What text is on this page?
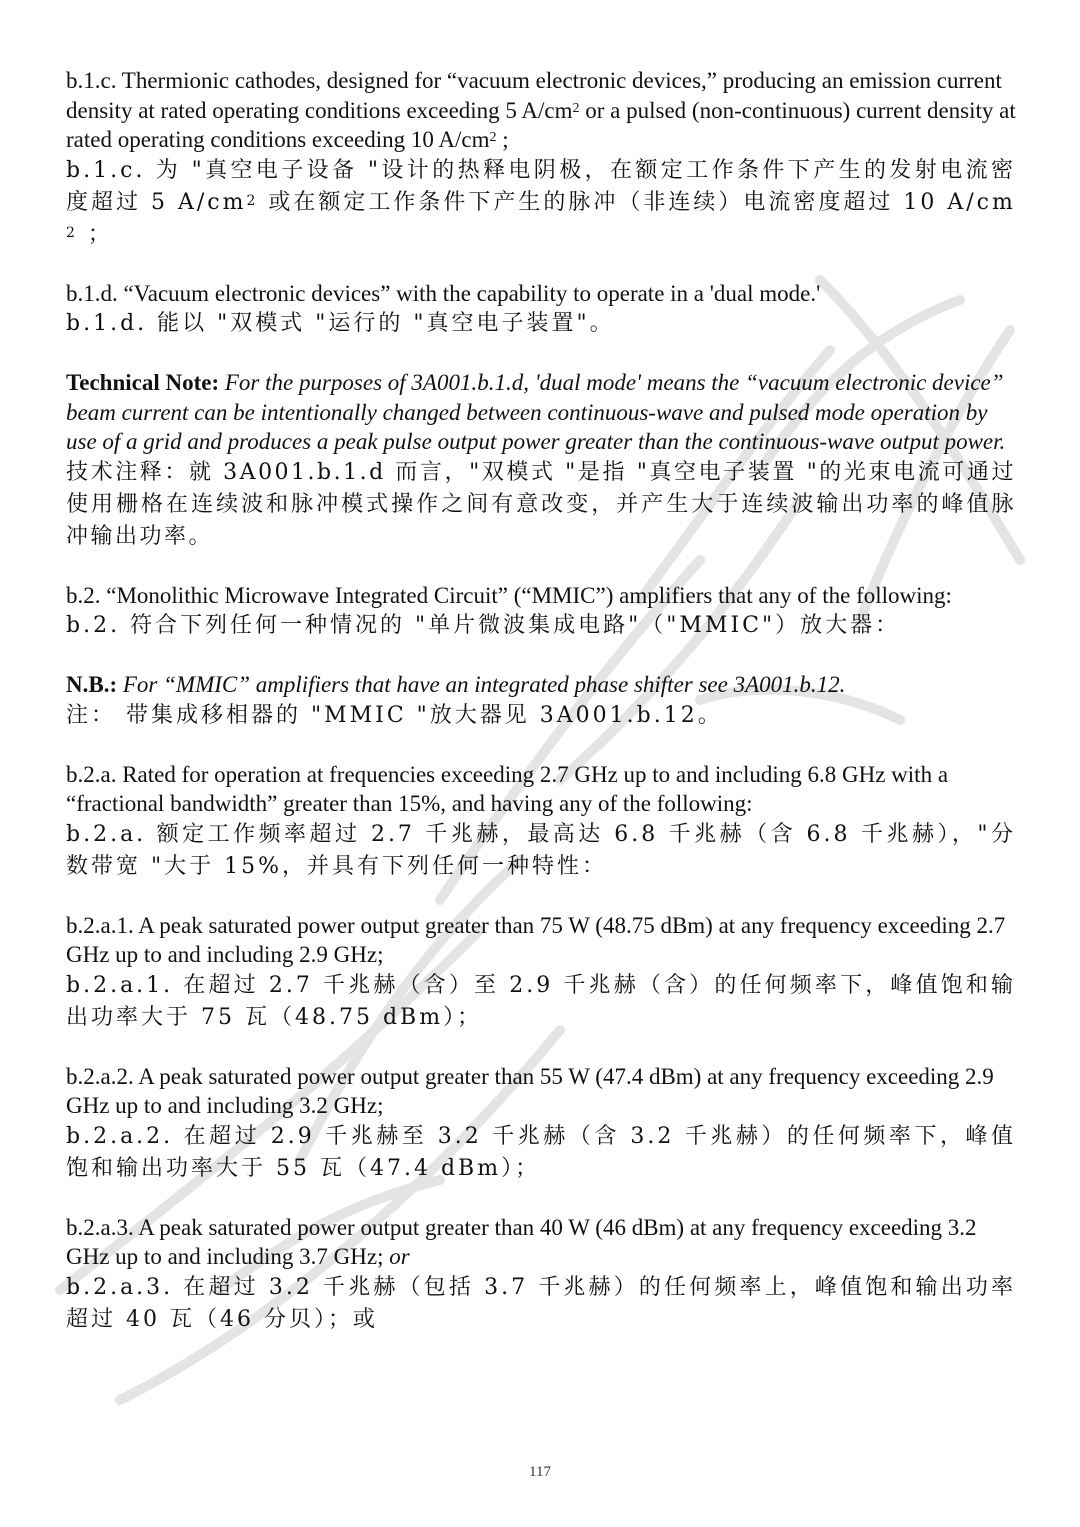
b.1.c. Thermionic cathodes, designed for “vacuum electronic devices,” producing an emission current density at rated operating conditions exceeding 5 $A/cm^2$ or a pulsed (non-continuous) current density at rated operating conditions exceeding 10 $A/cm^2$ ;

b.1.c. 为 "真空电子设备 "设计的热释电阴极，在额定工作条件下产生的发射电流密度超过 5 $A/cm^2$ 或在额定工作条件下产生的脉冲（非连续）电流密度超过 10 A/cm
$^2$ ；

b.1.d. “Vacuum electronic devices” with the capability to operate in a 'dual mode.'

b.1.d. 能以 "双模式 "运行的 "真空电子装置"。

Technical Note: For the purposes of 3A001.b.1.d, 'dual mode' means the “vacuum electronic device” beam current can be intentionally changed between continuous-wave and pulsed mode operation by use of a grid and produces a peak pulse output power greater than the continuous-wave output power.

技术注释：就 3A001.b.1.d 而言，"双模式 "是指 "真空电子装置 "的光束电流可通过使用栅格在连续波和脉冲模式操作之间有意改变，并产生大于连续波输出功率的峰值脉冲输出功率。

b.2. “Monolithic Microwave Integrated Circuit” (“MMIC”) amplifiers that any of the following:

b.2. 符合下列任何一种情况的 "单片微波集成电路"（"MMIC"）放大器：

N.B.: For “MMIC” amplifiers that have an integrated phase shifter see 3A001.b.12.

注： 带集成移相器的 "MMIC "放大器见 3A001.b.12。

b.2.a. Rated for operation at frequencies exceeding 2.7 GHz up to and including 6.8 GHz with a “fractional bandwidth” greater than 15%, and having any of the following:

b.2.a. 额定工作频率超过 2.7 千兆赫，最高达 6.8 千兆赫（含 6.8 千兆赫），"分数带宽 "大于 15%，并具有下列任何一种特性：

b.2.a.1. A peak saturated power output greater than 75 W (48.75 dBm) at any frequency exceeding 2.7 GHz up to and including 2.9 GHz;

b.2.a.1. 在超过 2.7 千兆赫（含）至 2.9 千兆赫（含）的任何频率下，峰值饱和输出功率大于 75 瓦（48.75 dBm）；

b.2.a.2. A peak saturated power output greater than 55 W (47.4 dBm) at any frequency exceeding 2.9 GHz up to and including 3.2 GHz;

b.2.a.2. 在超过 2.9 千兆赫至 3.2 千兆赫（含 3.2 千兆赫）的任何频率下，峰值饱和输出功率大于 55 瓦（47.4 dBm）；

b.2.a.3. A peak saturated power output greater than 40 W (46 dBm) at any frequency exceeding 3.2 GHz up to and including 3.7 GHz; or

b.2.a.3. 在超过 3.2 千兆赫（包括 3.7 千兆赫）的任何频率上，峰值饱和输出功率超过 40 瓦（46 分贝）；或

117
